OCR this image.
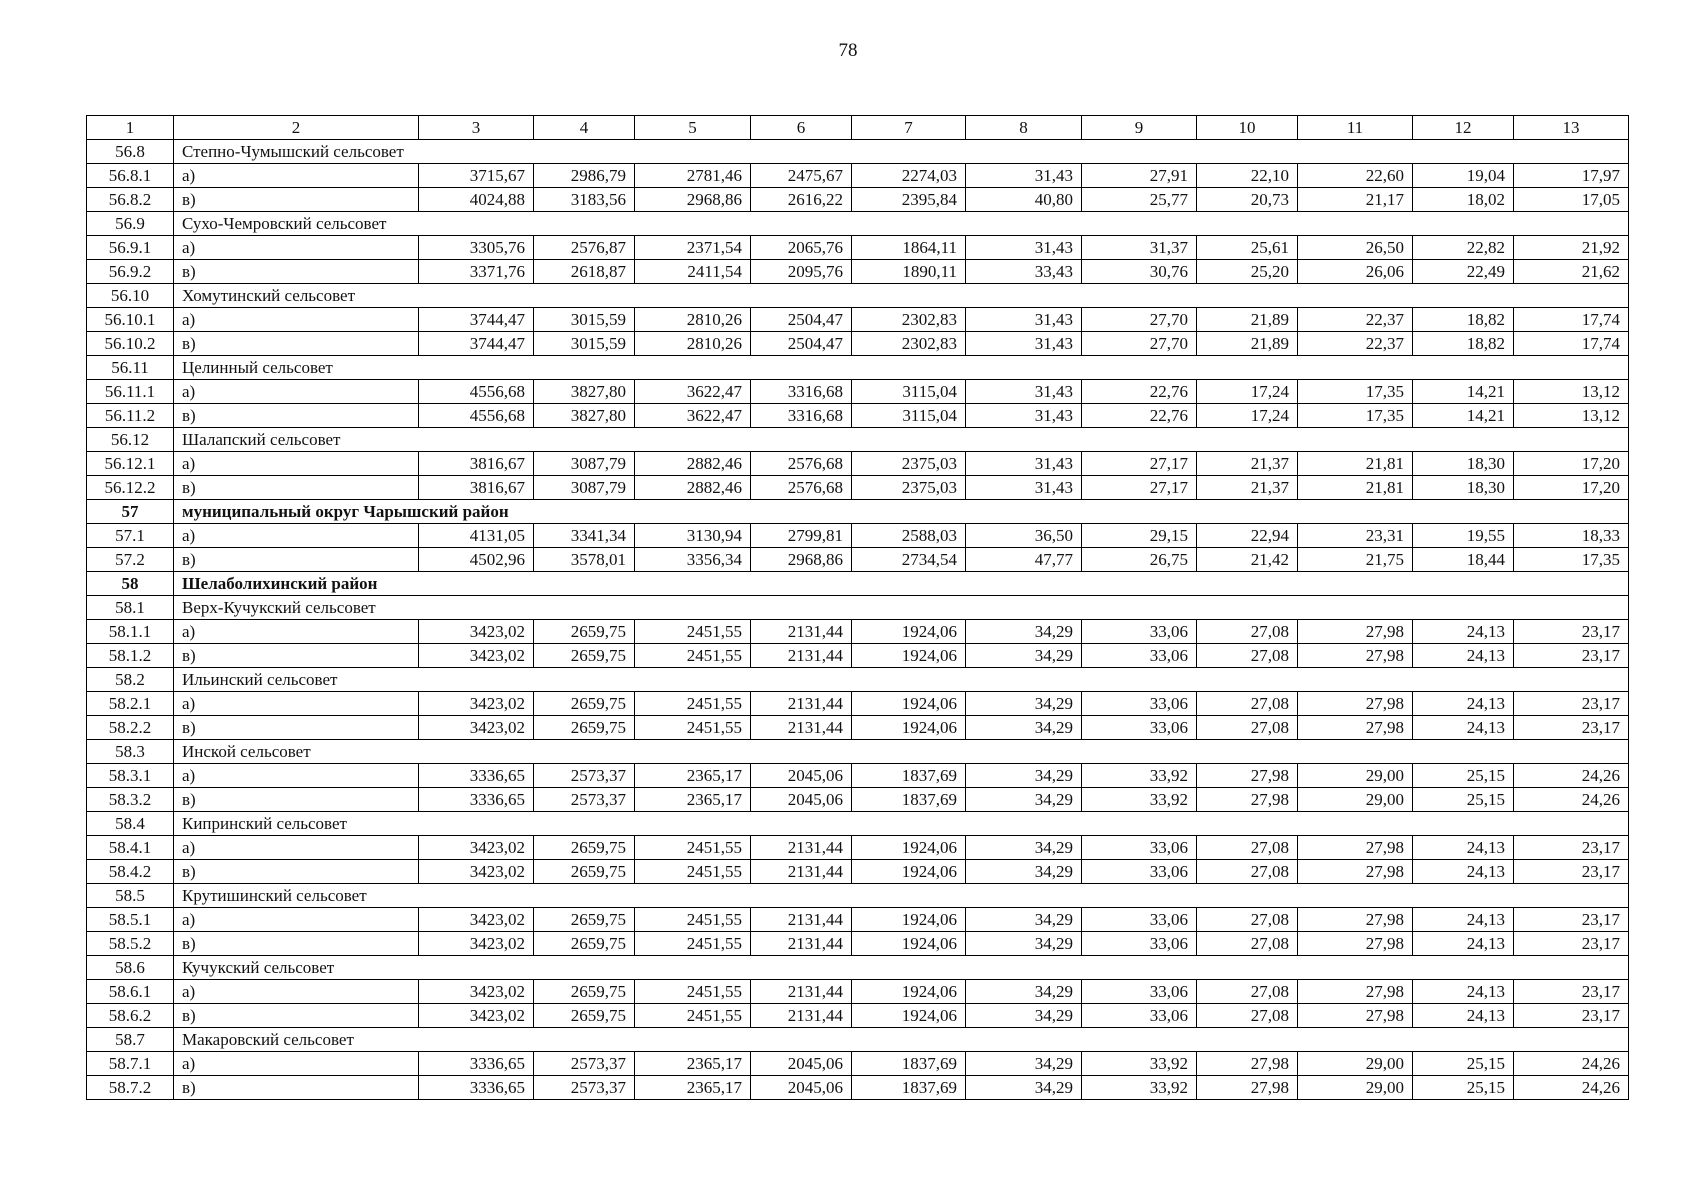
78
1	2	3	4	5	6	7	8	9	10	11	12	13
56.8	Степно-Чумышский сельсовет											
56.8.1	а)	3715,67	2986,79	2781,46	2475,67	2274,03	31,43	27,91	22,10	22,60	19,04	17,97
56.8.2	в)	4024,88	3183,56	2968,86	2616,22	2395,84	40,80	25,77	20,73	21,17	18,02	17,05
56.9	Сухо-Чемровский сельсовет											
56.9.1	а)	3305,76	2576,87	2371,54	2065,76	1864,11	31,43	31,37	25,61	26,50	22,82	21,92
56.9.2	в)	3371,76	2618,87	2411,54	2095,76	1890,11	33,43	30,76	25,20	26,06	22,49	21,62
56.10	Хомутинский сельсовет											
56.10.1	а)	3744,47	3015,59	2810,26	2504,47	2302,83	31,43	27,70	21,89	22,37	18,82	17,74
56.10.2	в)	3744,47	3015,59	2810,26	2504,47	2302,83	31,43	27,70	21,89	22,37	18,82	17,74
56.11	Целинный сельсовет											
56.11.1	а)	4556,68	3827,80	3622,47	3316,68	3115,04	31,43	22,76	17,24	17,35	14,21	13,12
56.11.2	в)	4556,68	3827,80	3622,47	3316,68	3115,04	31,43	22,76	17,24	17,35	14,21	13,12
56.12	Шалапский сельсовет											
56.12.1	а)	3816,67	3087,79	2882,46	2576,68	2375,03	31,43	27,17	21,37	21,81	18,30	17,20
56.12.2	в)	3816,67	3087,79	2882,46	2576,68	2375,03	31,43	27,17	21,37	21,81	18,30	17,20
57	муниципальный округ Чарышский район											
57.1	а)	4131,05	3341,34	3130,94	2799,81	2588,03	36,50	29,15	22,94	23,31	19,55	18,33
57.2	в)	4502,96	3578,01	3356,34	2968,86	2734,54	47,77	26,75	21,42	21,75	18,44	17,35
58	Шелаболихинский район											
58.1	Верх-Кучукский сельсовет											
58.1.1	а)	3423,02	2659,75	2451,55	2131,44	1924,06	34,29	33,06	27,08	27,98	24,13	23,17
58.1.2	в)	3423,02	2659,75	2451,55	2131,44	1924,06	34,29	33,06	27,08	27,98	24,13	23,17
58.2	Ильинский сельсовет											
58.2.1	а)	3423,02	2659,75	2451,55	2131,44	1924,06	34,29	33,06	27,08	27,98	24,13	23,17
58.2.2	в)	3423,02	2659,75	2451,55	2131,44	1924,06	34,29	33,06	27,08	27,98	24,13	23,17
58.3	Инской сельсовет											
58.3.1	а)	3336,65	2573,37	2365,17	2045,06	1837,69	34,29	33,92	27,98	29,00	25,15	24,26
58.3.2	в)	3336,65	2573,37	2365,17	2045,06	1837,69	34,29	33,92	27,98	29,00	25,15	24,26
58.4	Кипринский сельсовет											
58.4.1	а)	3423,02	2659,75	2451,55	2131,44	1924,06	34,29	33,06	27,08	27,98	24,13	23,17
58.4.2	в)	3423,02	2659,75	2451,55	2131,44	1924,06	34,29	33,06	27,08	27,98	24,13	23,17
58.5	Крутишинский сельсовет											
58.5.1	а)	3423,02	2659,75	2451,55	2131,44	1924,06	34,29	33,06	27,08	27,98	24,13	23,17
58.5.2	в)	3423,02	2659,75	2451,55	2131,44	1924,06	34,29	33,06	27,08	27,98	24,13	23,17
58.6	Кучукский сельсовет											
58.6.1	а)	3423,02	2659,75	2451,55	2131,44	1924,06	34,29	33,06	27,08	27,98	24,13	23,17
58.6.2	в)	3423,02	2659,75	2451,55	2131,44	1924,06	34,29	33,06	27,08	27,98	24,13	23,17
58.7	Макаровский сельсовет											
58.7.1	а)	3336,65	2573,37	2365,17	2045,06	1837,69	34,29	33,92	27,98	29,00	25,15	24,26
58.7.2	в)	3336,65	2573,37	2365,17	2045,06	1837,69	34,29	33,92	27,98	29,00	25,15	24,26
